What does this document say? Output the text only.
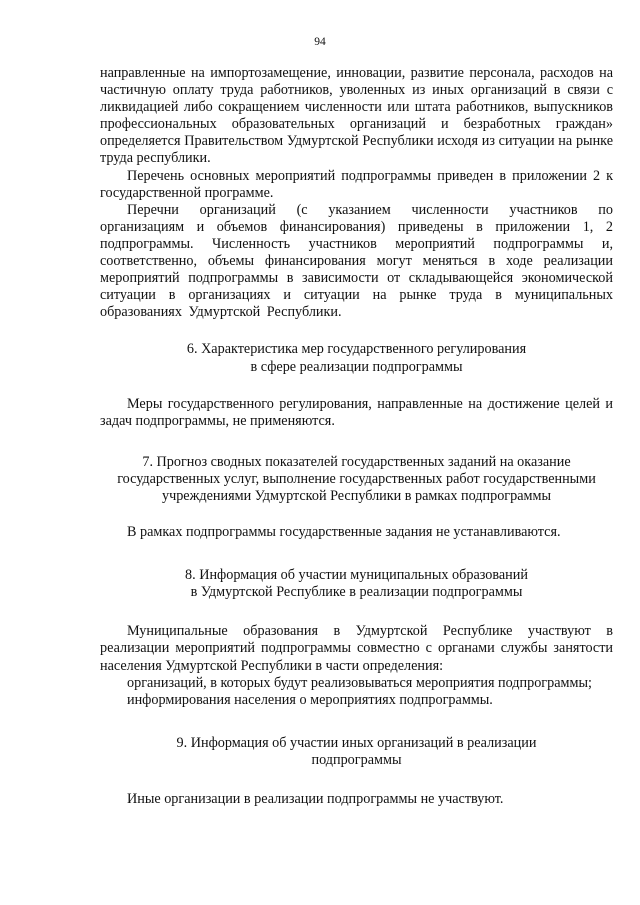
94

направленные на импортозамещение, инновации, развитие персонала, расходов на частичную оплату труда работников, уволенных из иных организаций в связи с ликвидацией либо сокращением численности или штата работников, выпускников профессиональных образовательных организаций и безработных граждан» определяется Правительством Удмуртской Республики исходя из ситуации на рынке труда республики.

Перечень основных мероприятий подпрограммы приведен в приложении 2 к государственной программе.

Перечни организаций (с указанием численности участников по организациям и объемов финансирования) приведены в приложении 1, 2 подпрограммы. Численность участников мероприятий подпрограммы и, соответственно, объемы финансирования могут меняться в ходе реализации мероприятий подпрограммы в зависимости от складывающейся экономической ситуации в организациях и ситуации на рынке труда в муниципальных образованиях Удмуртской Республики.

6. Характеристика мер государственного регулирования
в сфере реализации подпрограммы

Меры государственного регулирования, направленные на достижение целей и задач подпрограммы, не применяются.

7. Прогноз сводных показателей государственных заданий на оказание
государственных услуг, выполнение государственных работ государственными
учреждениями Удмуртской Республики в рамках подпрограммы

В рамках подпрограммы государственные задания не устанавливаются.

8. Информация об участии муниципальных образований
в Удмуртской Республике в реализации подпрограммы

Муниципальные образования в Удмуртской Республике участвуют в реализации мероприятий подпрограммы совместно с органами службы занятости населения Удмуртской Республики в части определения:

организаций, в которых будут реализовываться мероприятия подпрограммы;

информирования населения о мероприятиях подпрограммы.

9. Информация об участии иных организаций в реализации
подпрограммы

Иные организации в реализации подпрограммы не участвуют.
